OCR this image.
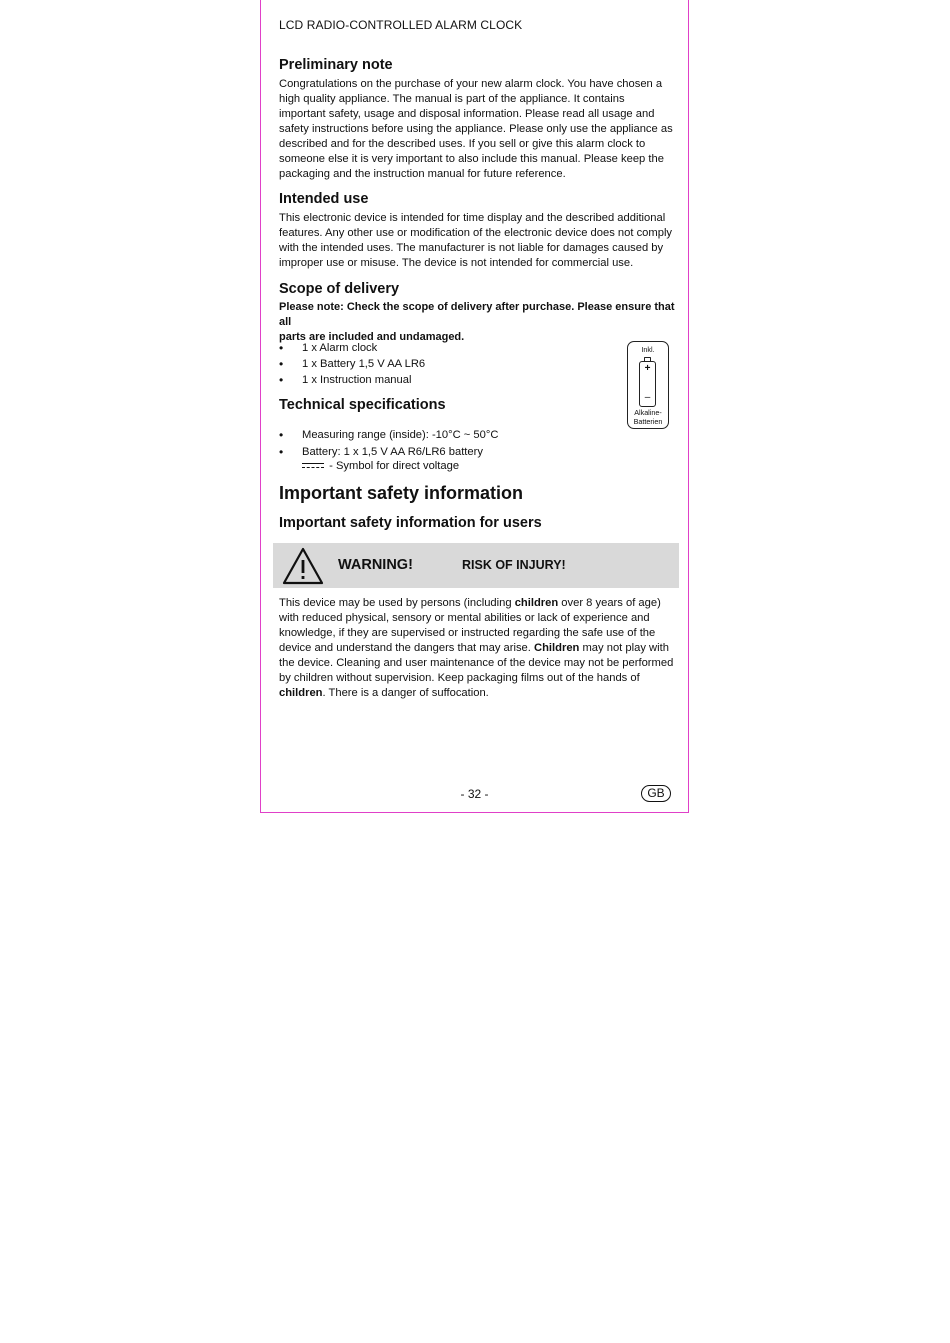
LCD RADIO-CONTROLLED ALARM CLOCK
Preliminary note
Congratulations on the purchase of your new alarm clock. You have chosen a
high quality appliance. The manual is part of the appliance. It contains
important safety, usage and disposal information. Please read all usage and
safety instructions before using the appliance. Please only use the appliance as
described and for the described uses. If you sell or give this alarm clock to
someone else it is very important to also include this manual. Please keep the
packaging and the instruction manual for future reference.
Intended use
This electronic device is intended for time display and the described additional
features. Any other use or modification of the electronic device does not comply
with the intended uses. The manufacturer is not liable for damages caused by
improper use or misuse. The device is not intended for commercial use.
Scope of delivery
Please note: Check the scope of delivery after purchase. Please ensure that all
parts are included and undamaged.
• 1 x Alarm clock
• 1 x Battery 1,5 V AA LR6
• 1 x Instruction manual
Inkl.
+
–
Alkaline-
Batterien
Technical specifications
• Measuring range (inside): -10°C ~ 50°C
• Battery: 1 x 1,5 V AA R6/LR6 battery
- Symbol for direct voltage
Important safety information
Important safety information for users
WARNING!	RISK OF INJURY!
This device may be used by persons (including children over 8 years of age)
with reduced physical, sensory or mental abilities or lack of experience and
knowledge, if they are supervised or instructed regarding the safe use of the
device and understand the dangers that may arise. Children may not play with
the device. Cleaning and user maintenance of the device may not be performed
by children without supervision. Keep packaging films out of the hands of
children. There is a danger of suffocation.
- 32 -	GB
